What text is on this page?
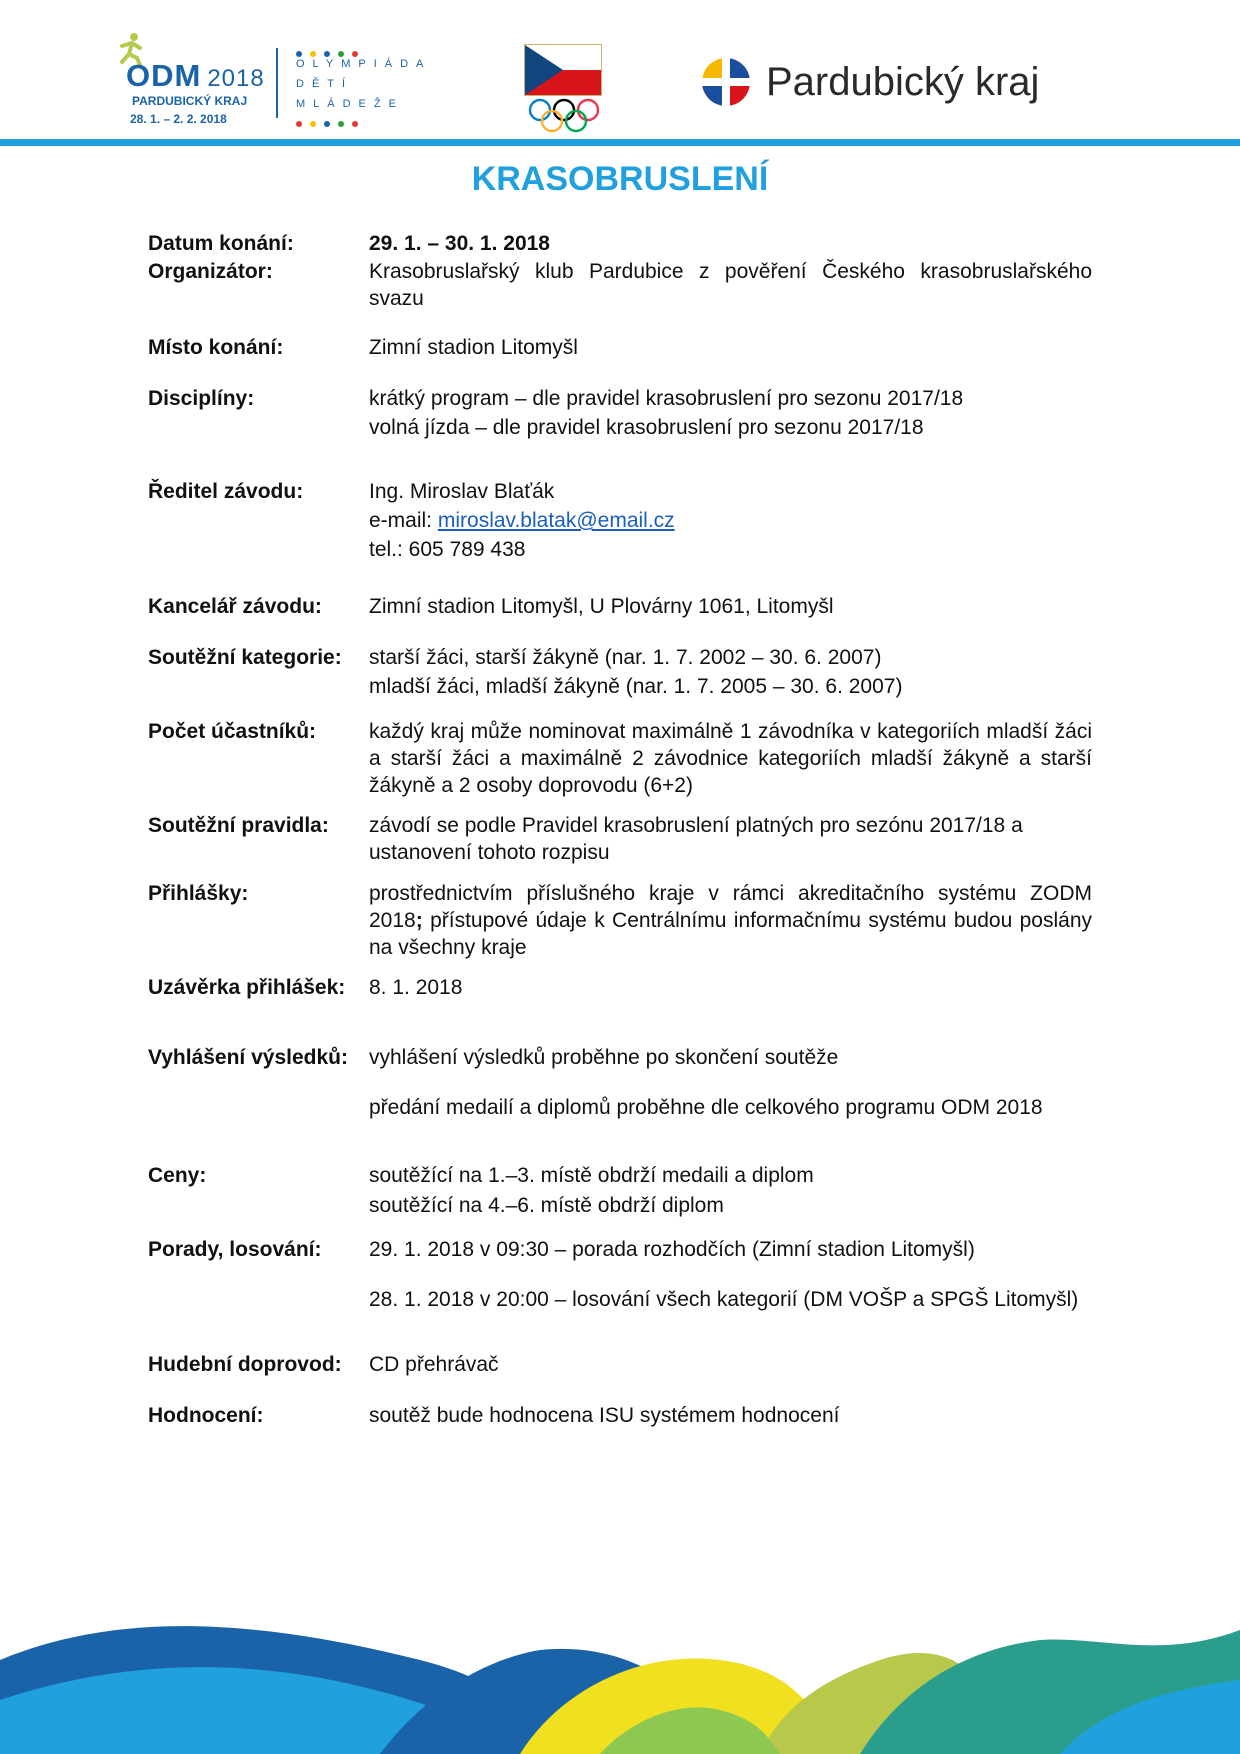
ODM 2018
PARDUBICKÝ KRAJ
28. 1. – 2. 2. 2018
OLYMPIÁDA
DĚTÍ
MLÁDEŽE	Pardubický kraj
KRASOBRUSLENÍ
Datum konání:	29. 1. – 30. 1. 2018
Organizátor:	Krasobruslařský klub Pardubice z pověření Českého krasobruslařského svazu
Místo konání:	Zimní stadion Litomyšl
Disciplíny:	krátký program – dle pravidel krasobruslení pro sezonu 2017/18

volná jízda – dle pravidel krasobruslení pro sezonu 2017/18

Ředitel závodu:	Ing. Miroslav Blaťák

e-mail: miroslav.blatak@email.cz

tel.: 605 789 438

Kancelář závodu:	Zimní stadion Litomyšl, U Plovárny 1061, Litomyšl
Soutěžní kategorie:	starší žáci, starší žákyně (nar. 1. 7. 2002 – 30. 6. 2007)

mladší žáci, mladší žákyně (nar. 1. 7. 2005 – 30. 6. 2007)

Počet účastníků:	každý kraj může nominovat maximálně 1 závodníka v kategoriích mladší žáci a starší žáci a maximálně 2 závodnice kategoriích mladší žákyně a starší žákyně a 2 osoby doprovodu (6+2)
Soutěžní pravidla:	závodí se podle Pravidel krasobruslení platných pro sezónu 2017/18 a ustanovení tohoto rozpisu
Přihlášky:	prostřednictvím příslušného kraje v rámci akreditačního systému ZODM 2018; přístupové údaje k Centrálnímu informačnímu systému budou poslány na všechny kraje
Uzávěrka přihlášek:	8. 1. 2018
Vyhlášení výsledků:	vyhlášení výsledků proběhne po skončení soutěže

předání medailí a diplomů proběhne dle celkového programu ODM 2018

Ceny:	soutěžící na 1.–3. místě obdrží medaili a diplom

soutěžící na 4.–6. místě obdrží diplom

Porady, losování:	29. 1. 2018 v 09:30 – porada rozhodčích (Zimní stadion Litomyšl)

28. 1. 2018 v 20:00 – losování všech kategorií (DM VOŠP a SPGŠ Litomyšl)

Hudební doprovod:	CD přehrávač
Hodnocení:	soutěž bude hodnocena ISU systémem hodnocení
